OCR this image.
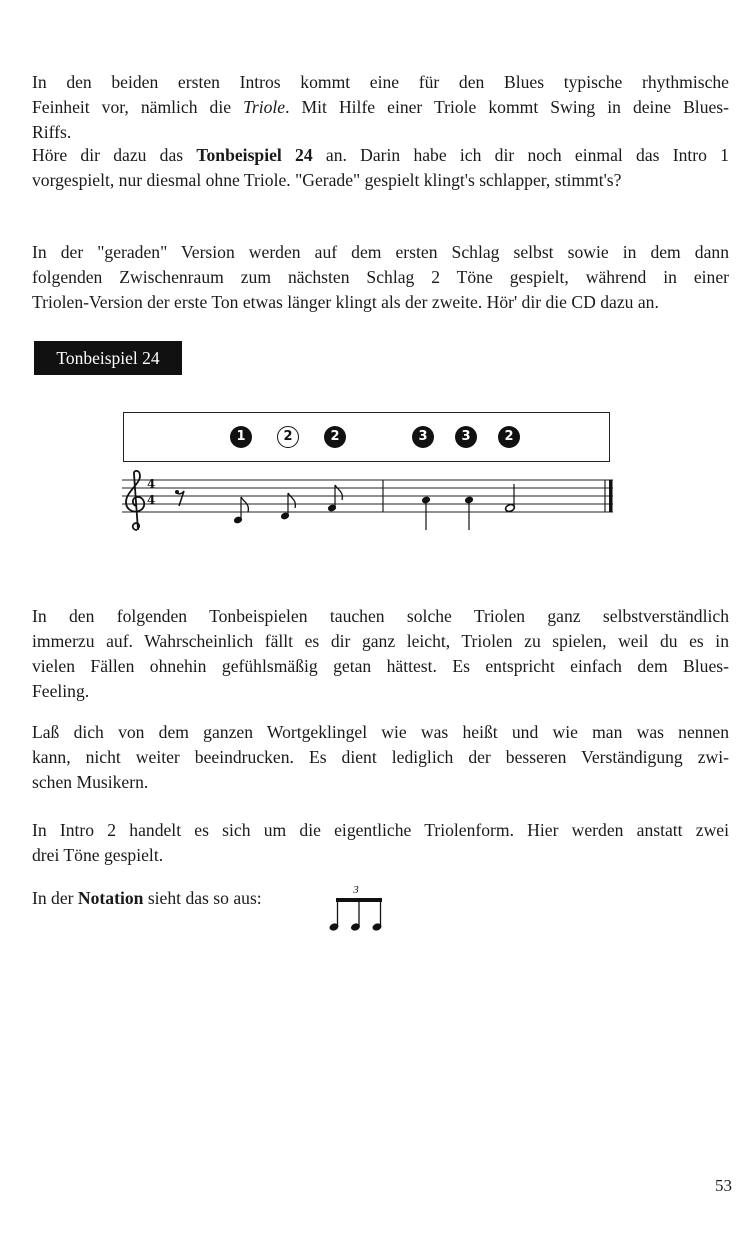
In den beiden ersten Intros kommt eine für den Blues typische rhythmische
Feinheit vor, nämlich die Triole. Mit Hilfe einer Triole kommt Swing in deine Blues-
Riffs.

Höre dir dazu das Tonbeispiel 24 an. Darin habe ich dir noch einmal das Intro 1
vorgespielt, nur diesmal ohne Triole. "Gerade" gespielt klingt's schlapper, stimmt's?

In der "geraden" Version werden auf dem ersten Schlag selbst sowie in dem dann
folgenden Zwischenraum zum nächsten Schlag 2 Töne gespielt, während in einer
Triolen-Version der erste Ton etwas länger klingt als der zweite. Hör' dir die CD dazu an.

Tonbeispiel 24
1	2	2	3	3	2
4
4

In den folgenden Tonbeispielen tauchen solche Triolen ganz selbstverständlich
immerzu auf. Wahrscheinlich fällt es dir ganz leicht, Triolen zu spielen, weil du es in
vielen Fällen ohnehin gefühlsmäßig getan hättest. Es entspricht einfach dem Blues-
Feeling.

Laß dich von dem ganzen Wortgeklingel wie was heißt und wie man was nennen
kann, nicht weiter beeindrucken. Es dient lediglich der besseren Verständigung zwi-
schen Musikern.

In Intro 2 handelt es sich um die eigentliche Triolenform. Hier werden anstatt zwei
drei Töne gespielt.

In der Notation sieht das so aus:	3
53
